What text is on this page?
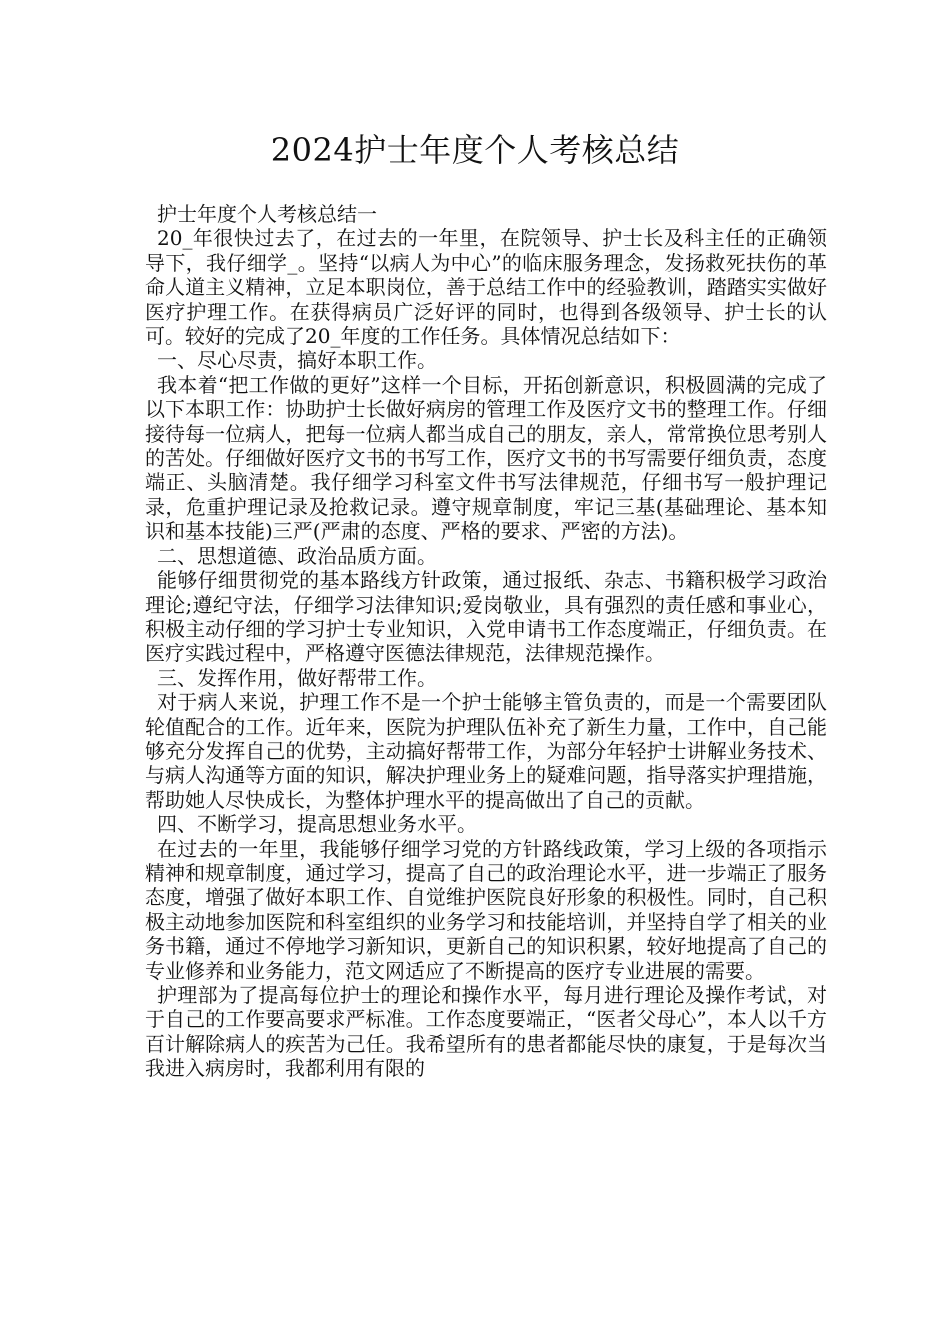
2024护士年度个人考核总结

护士年度个人考核总结一

20_年很快过去了，在过去的一年里，在院领导、护士长及科主任的正确领导下，我仔细学_。坚持“以病人为中心”的临床服务理念，发扬救死扶伤的革命人道主义精神，立足本职岗位，善于总结工作中的经验教训，踏踏实实做好医疗护理工作。在获得病员广泛好评的同时，也得到各级领导、护士长的认可。较好的完成了20_年度的工作任务。具体情况总结如下：

一、尽心尽责，搞好本职工作。

我本着“把工作做的更好”这样一个目标，开拓创新意识，积极圆满的完成了以下本职工作：协助护士长做好病房的管理工作及医疗文书的整理工作。仔细接待每一位病人，把每一位病人都当成自己的朋友，亲人，常常换位思考别人的苦处。仔细做好医疗文书的书写工作，医疗文书的书写需要仔细负责，态度端正、头脑清楚。我仔细学习科室文件书写法律规范，仔细书写一般护理记录，危重护理记录及抢救记录。遵守规章制度，牢记三基(基础理论、基本知识和基本技能)三严(严肃的态度、严格的要求、严密的方法)。

二、思想道德、政治品质方面。

能够仔细贯彻党的基本路线方针政策，通过报纸、杂志、书籍积极学习政治理论;遵纪守法，仔细学习法律知识;爱岗敬业，具有强烈的责任感和事业心，积极主动仔细的学习护士专业知识，入党申请书工作态度端正，仔细负责。在医疗实践过程中，严格遵守医德法律规范，法律规范操作。

三、发挥作用，做好帮带工作。

对于病人来说，护理工作不是一个护士能够主管负责的，而是一个需要团队轮值配合的工作。近年来，医院为护理队伍补充了新生力量，工作中，自己能够充分发挥自己的优势，主动搞好帮带工作，为部分年轻护士讲解业务技术、与病人沟通等方面的知识，解决护理业务上的疑难问题，指导落实护理措施，帮助她人尽快成长，为整体护理水平的提高做出了自己的贡献。

四、不断学习，提高思想业务水平。

在过去的一年里，我能够仔细学习党的方针路线政策，学习上级的各项指示精神和规章制度，通过学习，提高了自己的政治理论水平，进一步端正了服务态度，增强了做好本职工作、自觉维护医院良好形象的积极性。同时，自己积极主动地参加医院和科室组织的业务学习和技能培训，并坚持自学了相关的业务书籍，通过不停地学习新知识，更新自己的知识积累，较好地提高了自己的专业修养和业务能力，范文网适应了不断提高的医疗专业进展的需要。

护理部为了提高每位护士的理论和操作水平，每月进行理论及操作考试，对于自己的工作要高要求严标准。工作态度要端正，“医者父母心”，本人以千方百计解除病人的疾苦为己任。我希望所有的患者都能尽快的康复，于是每次当我进入病房时，我都利用有限的
